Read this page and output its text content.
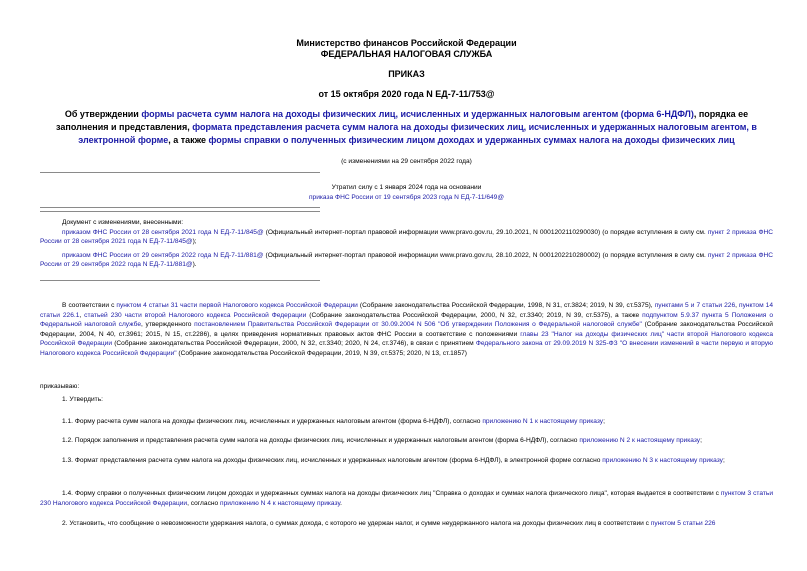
Министерство финансов Российской Федерации
ФЕДЕРАЛЬНАЯ НАЛОГОВАЯ СЛУЖБА
ПРИКАЗ
от 15 октября 2020 года N ЕД-7-11/753@
Об утверждении формы расчета сумм налога на доходы физических лиц, исчисленных и удержанных налоговым агентом (форма 6-НДФЛ), порядка ее заполнения и представления, формата представления расчета сумм налога на доходы физических лиц, исчисленных и удержанных налоговым агентом, в электронной форме, а также формы справки о полученных физическим лицом доходах и удержанных суммах налога на доходы физических лиц
(с изменениями на 29 сентября 2022 года)
Утратил силу с 1 января 2024 года на основании
приказа ФНС России от 19 сентября 2023 года N ЕД-7-11/649@
Документ с изменениями, внесенными:
приказом ФНС России от 28 сентября 2021 года N ЕД-7-11/845@ (Официальный интернет-портал правовой информации www.pravo.gov.ru, 29.10.2021, N 0001202110290030) (о порядке вступления в силу см. пункт 2 приказа ФНС России от 28 сентября 2021 года N ЕД-7-11/845@);
приказом ФНС России от 29 сентября 2022 года N ЕД-7-11/881@ (Официальный интернет-портал правовой информации www.pravo.gov.ru, 28.10.2022, N 0001202210280002) (о порядке вступления в силу см. пункт 2 приказа ФНС России от 29 сентября 2022 года N ЕД-7-11/881@).
В соответствии с пунктом 4 статьи 31 части первой Налогового кодекса Российской Федерации (Собрание законодательства Российской Федерации, 1998, N 31, ст.3824; 2019, N 39, ст.5375), пунктами 5 и 7 статьи 226, пунктом 14 статьи 226.1, статьей 230 части второй Налогового кодекса Российской Федерации (Собрание законодательства Российской Федерации, 2000, N 32, ст.3340; 2019, N 39, ст.5375), а также подпунктом 5.9.37 пункта 5 Положения о Федеральной налоговой службе, утвержденного постановлением Правительства Российской Федерации от 30.09.2004 N 506 "Об утверждении Положения о Федеральной налоговой службе" (Собрание законодательства Российской Федерации, 2004, N 40, ст.3961; 2015, N 15, ст.2286), в целях приведения нормативных правовых актов ФНС России в соответствие с положениями главы 23 "Налог на доходы физических лиц" части второй Налогового кодекса Российской Федерации (Собрание законодательства Российской Федерации, 2000, N 32, ст.3340; 2020, N 24, ст.3746), в связи с принятием Федерального закона от 29.09.2019 N 325-ФЗ "О внесении изменений в части первую и вторую Налогового кодекса Российской Федерации" (Собрание законодательства Российской Федерации, 2019, N 39, ст.5375; 2020, N 13, ст.1857)
приказываю:
1. Утвердить:
1.1. Форму расчета сумм налога на доходы физических лиц, исчисленных и удержанных налоговым агентом (форма 6-НДФЛ), согласно приложению N 1 к настоящему приказу;
1.2. Порядок заполнения и представления расчета сумм налога на доходы физических лиц, исчисленных и удержанных налоговым агентом (форма 6-НДФЛ), согласно приложению N 2 к настоящему приказу;
1.3. Формат представления расчета сумм налога на доходы физических лиц, исчисленных и удержанных налоговым агентом (форма 6-НДФЛ), в электронной форме согласно приложению N 3 к настоящему приказу;
1.4. Форму справки о полученных физическим лицом доходах и удержанных суммах налога на доходы физических лиц "Справка о доходах и суммах налога физического лица", которая выдается в соответствии с пунктом 3 статьи 230 Налогового кодекса Российской Федерации, согласно приложению N 4 к настоящему приказу.
2. Установить, что сообщение о невозможности удержания налога, о суммах дохода, с которого не удержан налог, и сумме неудержанного налога на доходы физических лиц в соответствии с пунктом 5 статьи 226
